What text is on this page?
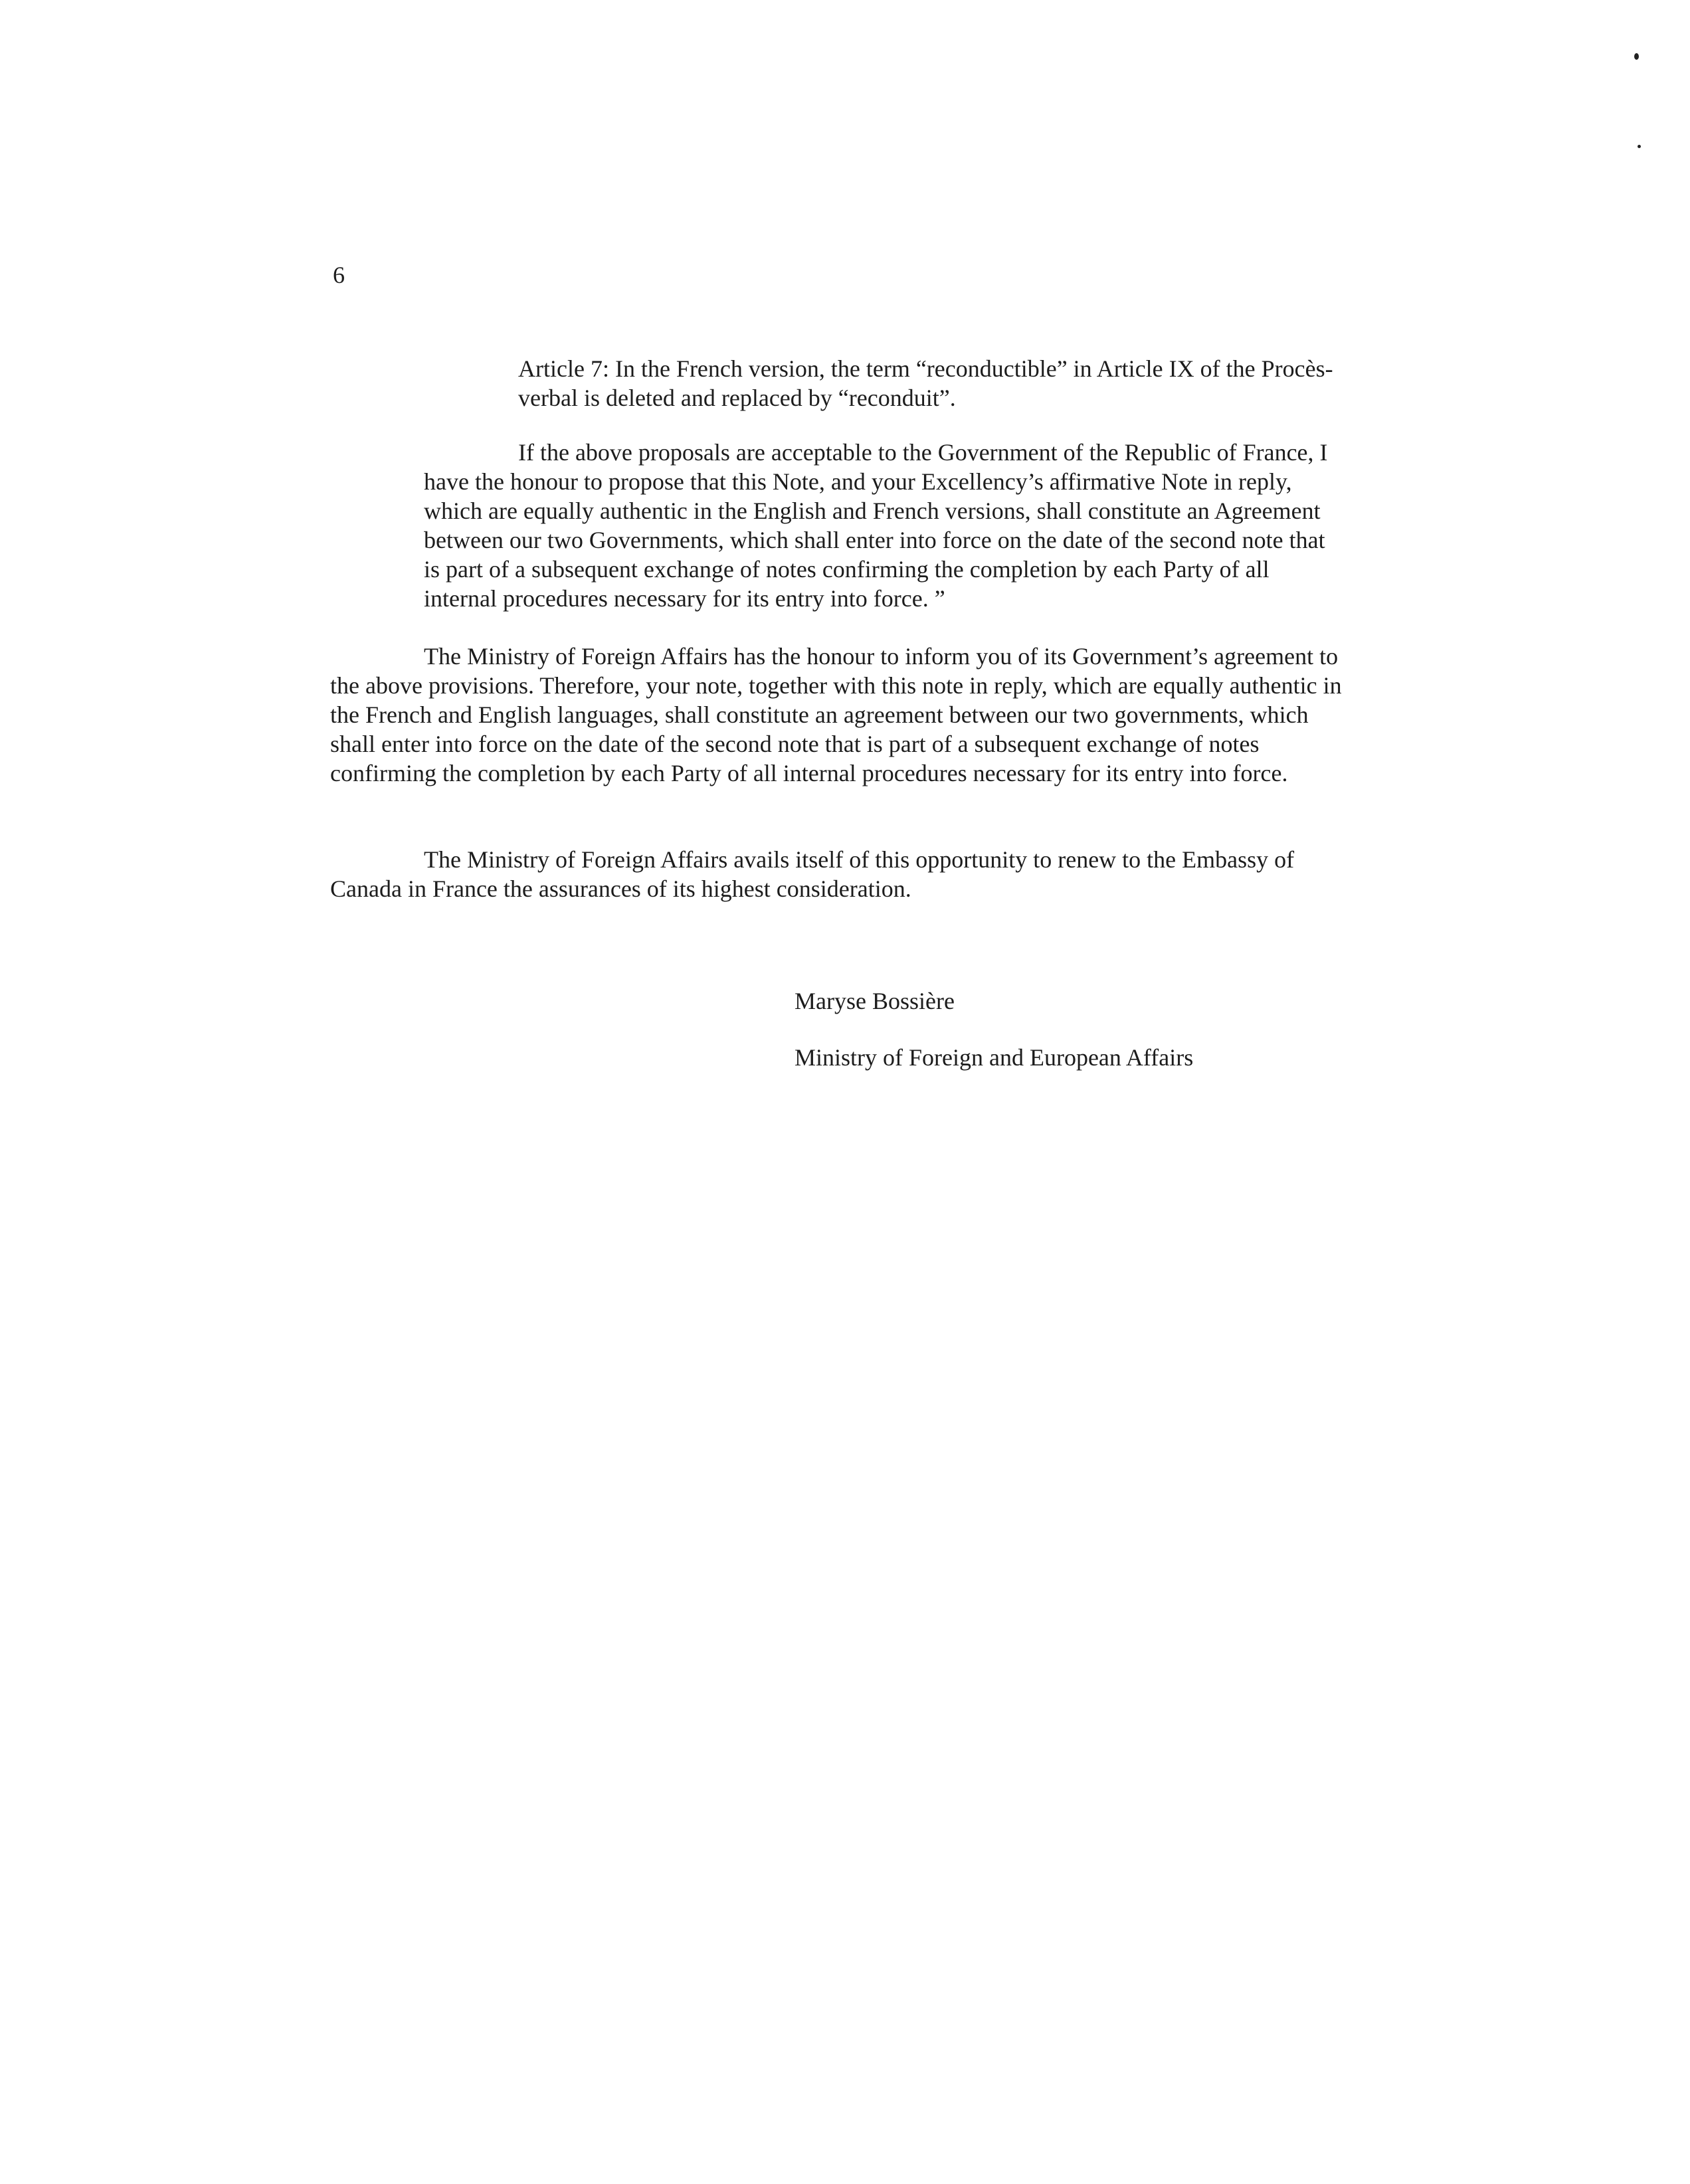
6

Article 7: In the French version, the term “reconductible” in Article IX of the Procès-verbal is deleted and replaced by “reconduit”.

If the above proposals are acceptable to the Government of the Republic of France, I have the honour to propose that this Note, and your Excellency’s affirmative Note in reply, which are equally authentic in the English and French versions, shall constitute an Agreement between our two Governments, which shall enter into force on the date of the second note that is part of a subsequent exchange of notes confirming the completion by each Party of all internal procedures necessary for its entry into force. ”

The Ministry of Foreign Affairs has the honour to inform you of its Government’s agreement to the above provisions. Therefore, your note, together with this note in reply, which are equally authentic in the French and English languages, shall constitute an agreement between our two governments, which shall enter into force on the date of the second note that is part of a subsequent exchange of notes confirming the completion by each Party of all internal procedures necessary for its entry into force.

The Ministry of Foreign Affairs avails itself of this opportunity to renew to the Embassy of Canada in France the assurances of its highest consideration.

Maryse Bossière
Ministry of Foreign and European Affairs
